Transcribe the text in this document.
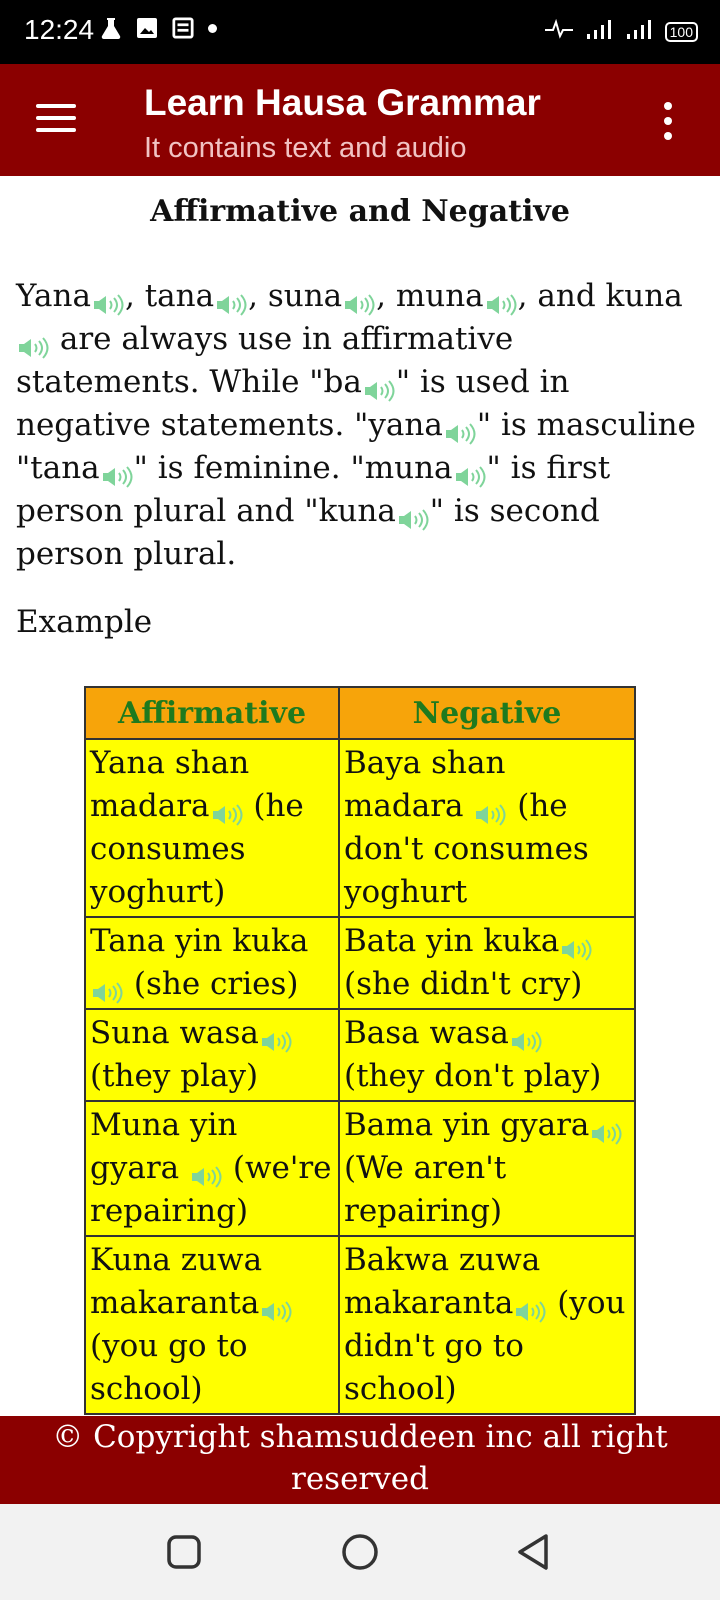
12:24	100
Learn Hausa Grammar
It contains text and audio
Affirmative and Negative
Yana , tana , suna , muna , and kuna  are always use in affirmative statements. While "ba " is used in negative statements. "yana " is masculine "tana " is feminine. "muna " is first person plural and "kuna " is second person plural.
Example
Affirmative	Negative
Yana shan madara (he consumes yoghurt)	Baya shan madara  (he don't consumes yoghurt
Tana yin kuka  (she cries)	Bata yin kuka (she didn't cry)
Suna wasa (they play)	Basa wasa (they don't play)
Muna yin gyara  (we're repairing)	Bama yin gyara (We aren't repairing)
Kuna zuwa makaranta (you go to school)	Bakwa zuwa makaranta (you didn't go to school)
© Copyright shamsuddeen inc all right reserved
